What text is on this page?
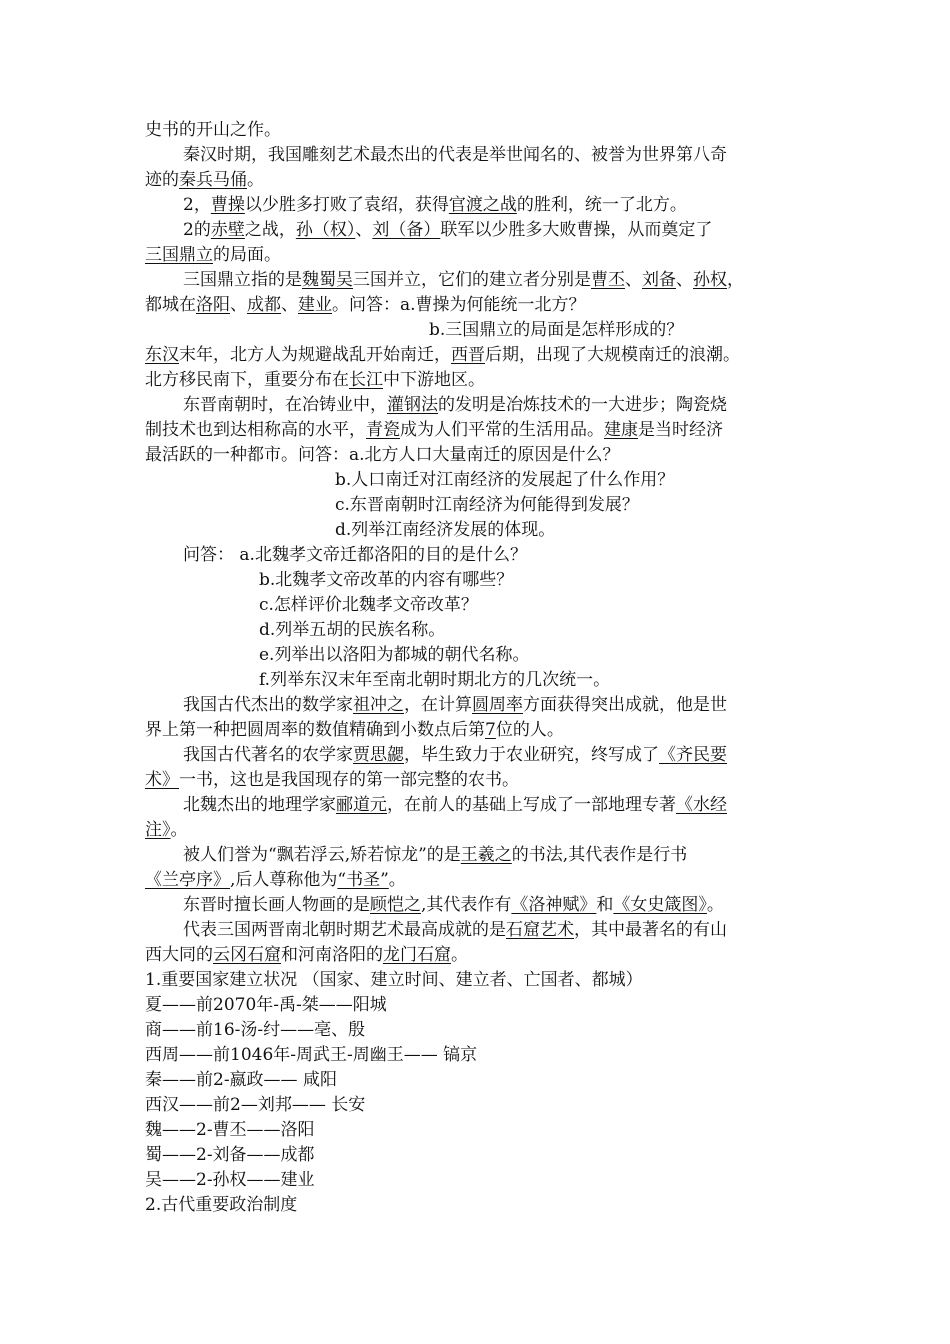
史书的开山之作。
秦汉时期，我国雕刻艺术最杰出的代表是举世闻名的、被誉为世界第八奇
迹的秦兵马俑。
2，曹操以少胜多打败了袁绍，获得官渡之战的胜利，统一了北方。
2的赤壁之战，孙（权）、刘（备）联军以少胜多大败曹操，从而奠定了
三国鼎立的局面。
三国鼎立指的是魏蜀吴三国并立，它们的建立者分别是曹丕、刘备、孙权，
都城在洛阳、成都、建业。问答：a.曹操为何能统一北方？
b.三国鼎立的局面是怎样形成的？
东汉末年，北方人为规避战乱开始南迁，西晋后期，出现了大规模南迁的浪潮。
北方移民南下，重要分布在长江中下游地区。
东晋南朝时，在冶铸业中，灌钢法的发明是冶炼技术的一大进步；陶瓷烧
制技术也到达相称高的水平，青瓷成为人们平常的生活用品。建康是当时经济
最活跃的一种都市。问答：a.北方人口大量南迁的原因是什么？
b.人口南迁对江南经济的发展起了什么作用？
c.东晋南朝时江南经济为何能得到发展？
d.列举江南经济发展的体现。
问答： a.北魏孝文帝迁都洛阳的目的是什么？
b.北魏孝文帝改革的内容有哪些？
c.怎样评价北魏孝文帝改革？
d.列举五胡的民族名称。
e.列举出以洛阳为都城的朝代名称。
f.列举东汉末年至南北朝时期北方的几次统一。
我国古代杰出的数学家祖冲之，在计算圆周率方面获得突出成就，他是世
界上第一种把圆周率的数值精确到小数点后第7位的人。
我国古代著名的农学家贾思勰，毕生致力于农业研究，终写成了《齐民要
术》一书，这也是我国现存的第一部完整的农书。
北魏杰出的地理学家郦道元，在前人的基础上写成了一部地理专著《水经
注》。
被人们誉为“飘若浮云,矫若惊龙”的是王羲之的书法,其代表作是行书
《兰亭序》,后人尊称他为“书圣”。
东晋时擅长画人物画的是顾恺之,其代表作有《洛神赋》和《女史箴图》。
代表三国两晋南北朝时期艺术最高成就的是石窟艺术，其中最著名的有山
西大同的云冈石窟和河南洛阳的龙门石窟。
1.重要国家建立状况 （国家、建立时间、建立者、亡国者、都城）
夏——前2070年-禹-桀——阳城
商——前16-汤-纣——亳、殷
西周——前1046年-周武王-周幽王—— 镐京
秦——前2-嬴政—— 咸阳
西汉——前2—刘邦—— 长安
魏——2-曹丕——洛阳
蜀——2-刘备——成都
吴——2-孙权——建业
2.古代重要政治制度
